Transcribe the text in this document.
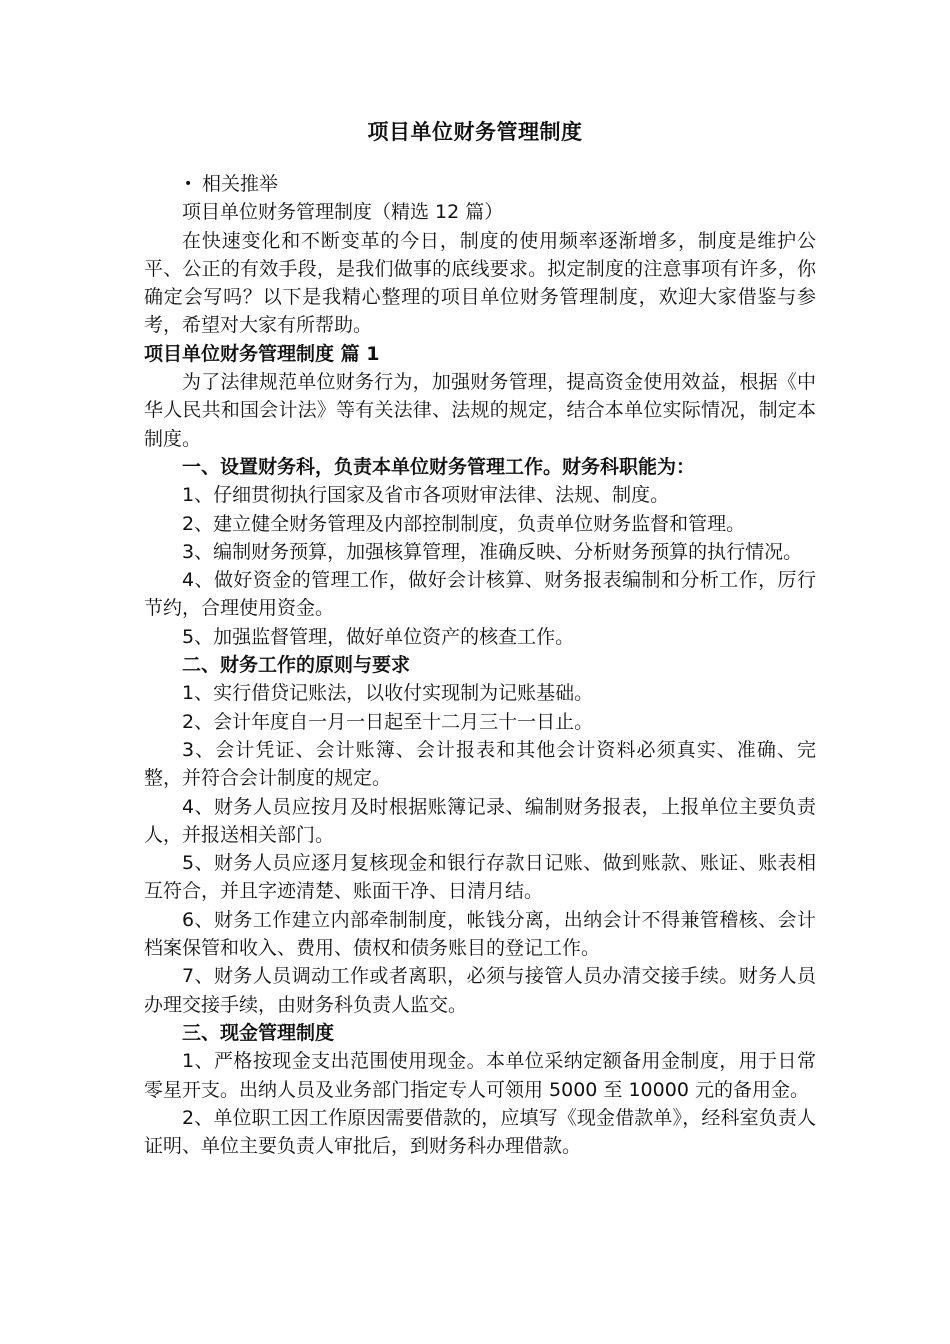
项目单位财务管理制度

• 相关推举

项目单位财务管理制度（精选 12 篇）

在快速变化和不断变革的今日，制度的使用频率逐渐增多，制度是维护公平、公正的有效手段，是我们做事的底线要求。拟定制度的注意事项有许多，你确定会写吗？以下是我精心整理的项目单位财务管理制度，欢迎大家借鉴与参考，希望对大家有所帮助。

项目单位财务管理制度 篇 1

为了法律规范单位财务行为，加强财务管理，提高资金使用效益，根据《中华人民共和国会计法》等有关法律、法规的规定，结合本单位实际情况，制定本制度。

一、设置财务科，负责本单位财务管理工作。财务科职能为：

1、仔细贯彻执行国家及省市各项财审法律、法规、制度。

2、建立健全财务管理及内部控制制度，负责单位财务监督和管理。

3、编制财务预算，加强核算管理，准确反映、分析财务预算的执行情况。

4、做好资金的管理工作，做好会计核算、财务报表编制和分析工作，厉行节约，合理使用资金。

5、加强监督管理，做好单位资产的核查工作。

二、财务工作的原则与要求

1、实行借贷记账法，以收付实现制为记账基础。

2、会计年度自一月一日起至十二月三十一日止。

3、会计凭证、会计账簿、会计报表和其他会计资料必须真实、准确、完整，并符合会计制度的规定。

4、财务人员应按月及时根据账簿记录、编制财务报表，上报单位主要负责人，并报送相关部门。

5、财务人员应逐月复核现金和银行存款日记账、做到账款、账证、账表相互符合，并且字迹清楚、账面干净、日清月结。

6、财务工作建立内部牵制制度，帐钱分离，出纳会计不得兼管稽核、会计档案保管和收入、费用、债权和债务账目的登记工作。

7、财务人员调动工作或者离职，必须与接管人员办清交接手续。财务人员办理交接手续，由财务科负责人监交。

三、现金管理制度

1、严格按现金支出范围使用现金。本单位采纳定额备用金制度，用于日常零星开支。出纳人员及业务部门指定专人可领用 5000 至 10000 元的备用金。

2、单位职工因工作原因需要借款的，应填写《现金借款单》，经科室负责人证明、单位主要负责人审批后，到财务科办理借款。
